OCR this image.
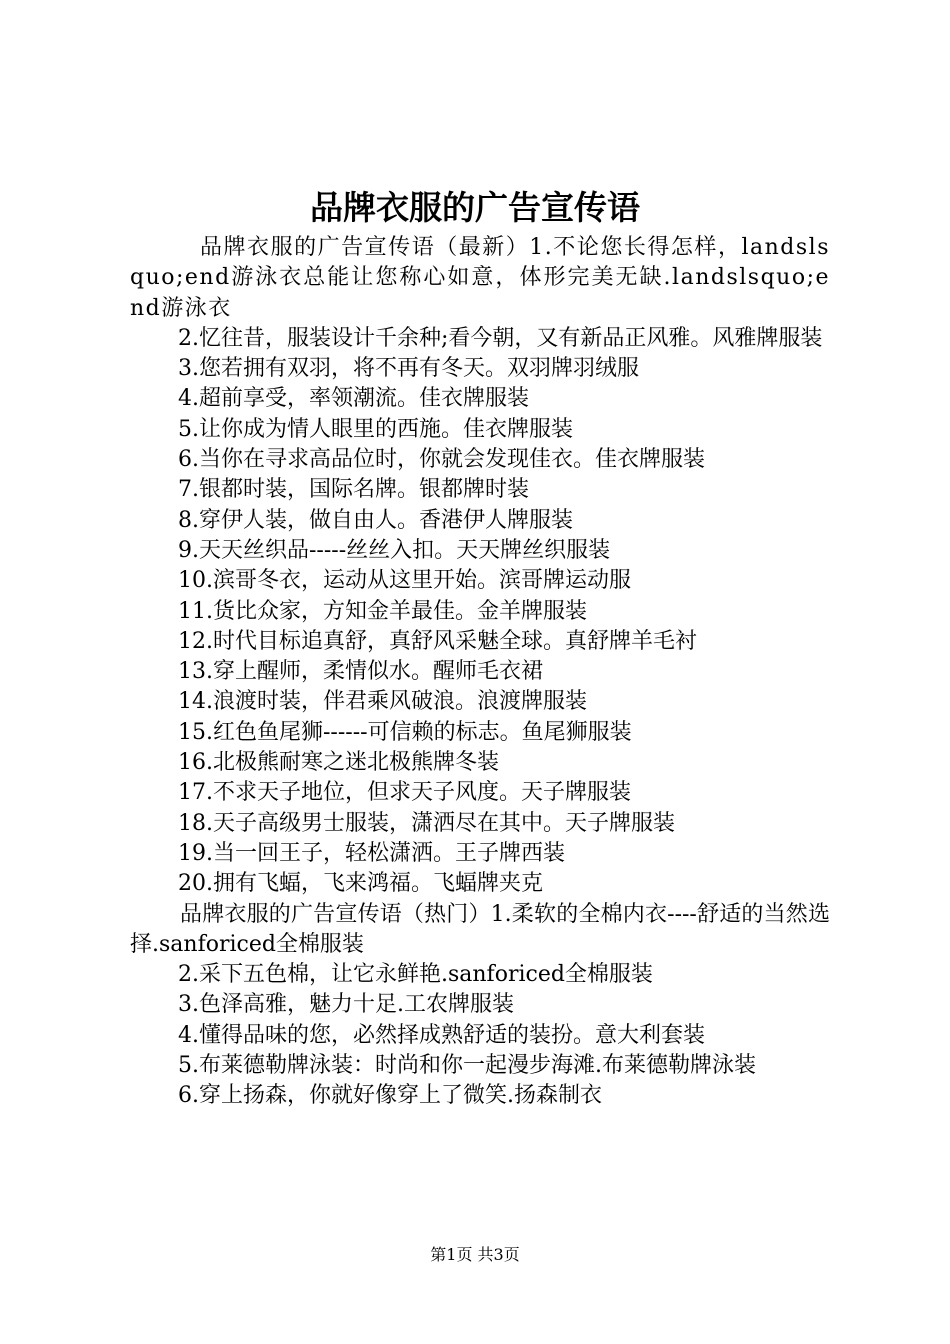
品牌衣服的广告宣传语

品牌衣服的广告宣传语（最新）1.不论您长得怎样，landslsquo;end游泳衣总能让您称心如意，体形完美无缺.landslsquo;end游泳衣

2.忆往昔，服装设计千余种;看今朝，又有新品正风雅。风雅牌服装

3.您若拥有双羽，将不再有冬天。双羽牌羽绒服

4.超前享受，率领潮流。佳衣牌服装

5.让你成为情人眼里的西施。佳衣牌服装

6.当你在寻求高品位时，你就会发现佳衣。佳衣牌服装

7.银都时装，国际名牌。银都牌时装

8.穿伊人装，做自由人。香港伊人牌服装

9.天天丝织品-----丝丝入扣。天天牌丝织服装

10.滨哥冬衣，运动从这里开始。滨哥牌运动服

11.货比众家，方知金羊最佳。金羊牌服装

12.时代目标追真舒，真舒风采魅全球。真舒牌羊毛衬

13.穿上醒师，柔情似水。醒师毛衣裙

14.浪渡时装，伴君乘风破浪。浪渡牌服装

15.红色鱼尾狮------可信赖的标志。鱼尾狮服装

16.北极熊耐寒之迷北极熊牌冬装

17.不求天子地位，但求天子风度。天子牌服装

18.天子高级男士服装，潇洒尽在其中。天子牌服装

19.当一回王子，轻松潇洒。王子牌西装

20.拥有飞蝠，飞来鸿福。飞蝠牌夹克

品牌衣服的广告宣传语（热门）1.柔软的全棉内衣----舒适的当然选择.sanforiced全棉服装

2.采下五色棉，让它永鲜艳.sanforiced全棉服装

3.色泽高雅，魅力十足.工农牌服装

4.懂得品味的您，必然择成熟舒适的装扮。意大利套装

5.布莱德勒牌泳装：时尚和你一起漫步海滩.布莱德勒牌泳装

6.穿上扬森，你就好像穿上了微笑.扬森制衣

第1页 共3页
